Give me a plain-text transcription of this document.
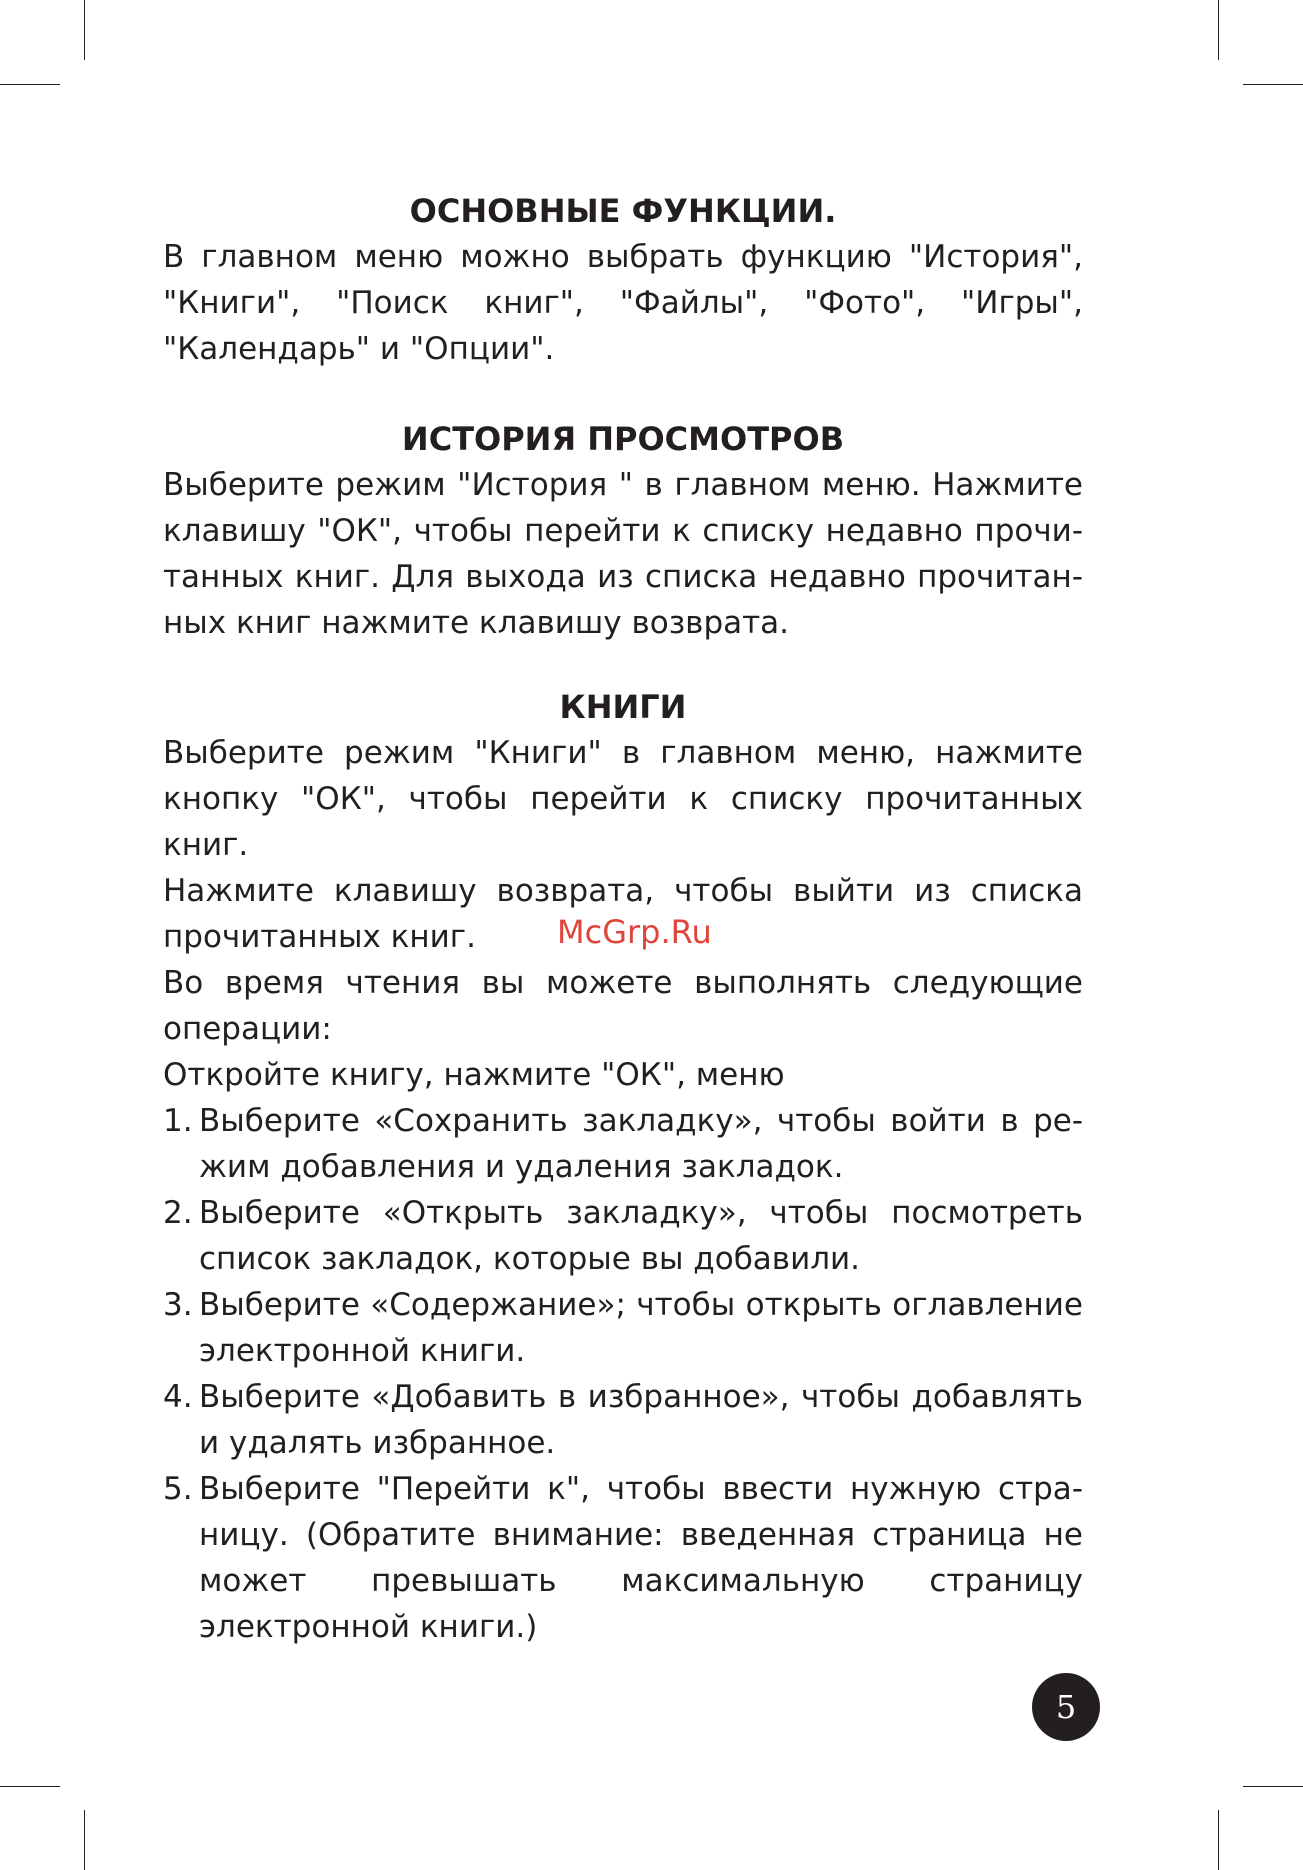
ОСНОВНЫЕ ФУНКЦИИ.

В главном меню можно выбрать функцию "История", "Книги", "Поиск книг", "Файлы", "Фото", "Игры", "Календарь" и "Опции".

ИСТОРИЯ ПРОСМОТРОВ

Выберите режим "История " в главном меню. Нажмите клавишу "ОК", чтобы перейти к списку недавно прочитанных книг. Для выхода из списка недавно прочитанных книг нажмите клавишу возврата.

КНИГИ

Выберите режим "Книги" в главном меню, нажмите кнопку "ОК", чтобы перейти к списку прочитанных книг.

Нажмите клавишу возврата, чтобы выйти из списка прочитанных книг.

Во время чтения вы можете выполнять следующие операции:

Откройте книгу, нажмите "ОК", меню

1. Выберите «Сохранить закладку», чтобы войти в режим добавления и удаления закладок.
2. Выберите «Открыть закладку», чтобы посмотреть список закладок, которые вы добавили.
3. Выберите «Содержание»; чтобы открыть оглавление электронной книги.
4. Выберите «Добавить в избранное», чтобы добавлять и удалять избранное.
5. Выберите "Перейти к", чтобы ввести нужную страницу. (Обратите внимание: введенная страница не может превышать максимальную страницу электронной книги.)
McGrp.Ru
5
